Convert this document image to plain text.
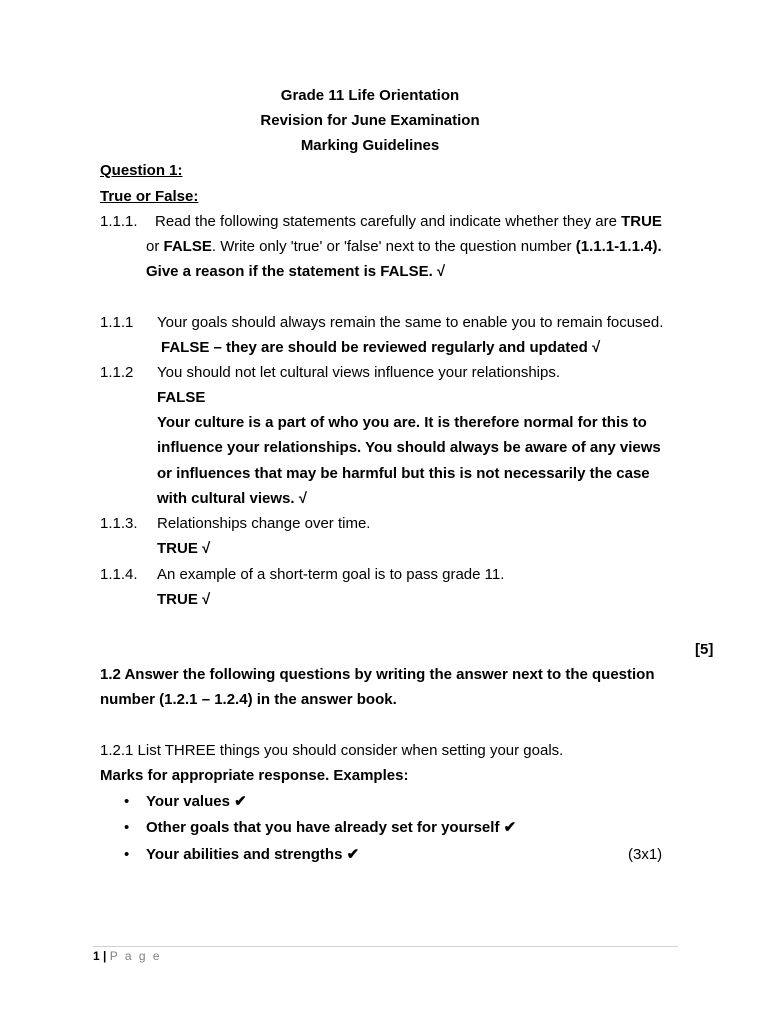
Grade 11 Life Orientation
Revision for June Examination
Marking Guidelines
Question 1:
True or False:
1.1.1. Read the following statements carefully and indicate whether they are TRUE
or FALSE. Write only 'true' or 'false' next to the question number (1.1.1-1.1.4).
Give a reason if the statement is FALSE. √
1.1.1 Your goals should always remain the same to enable you to remain focused.
FALSE – they are should be reviewed regularly and updated √
1.1.2 You should not let cultural views influence your relationships.
FALSE
Your culture is a part of who you are. It is therefore normal for this to
influence your relationships. You should always be aware of any views
or influences that may be harmful but this is not necessarily the case
with cultural views. √
1.1.3. Relationships change over time.
TRUE √
1.1.4. An example of a short-term goal is to pass grade 11.
TRUE √
[5]
1.2 Answer the following questions by writing the answer next to the question
number (1.2.1 – 1.2.4) in the answer book.
1.2.1 List THREE things you should consider when setting your goals.
Marks for appropriate response. Examples:
• Your values ✔
• Other goals that you have already set for yourself ✔
• Your abilities and strengths ✔	(3x1)
1 | P a g e
